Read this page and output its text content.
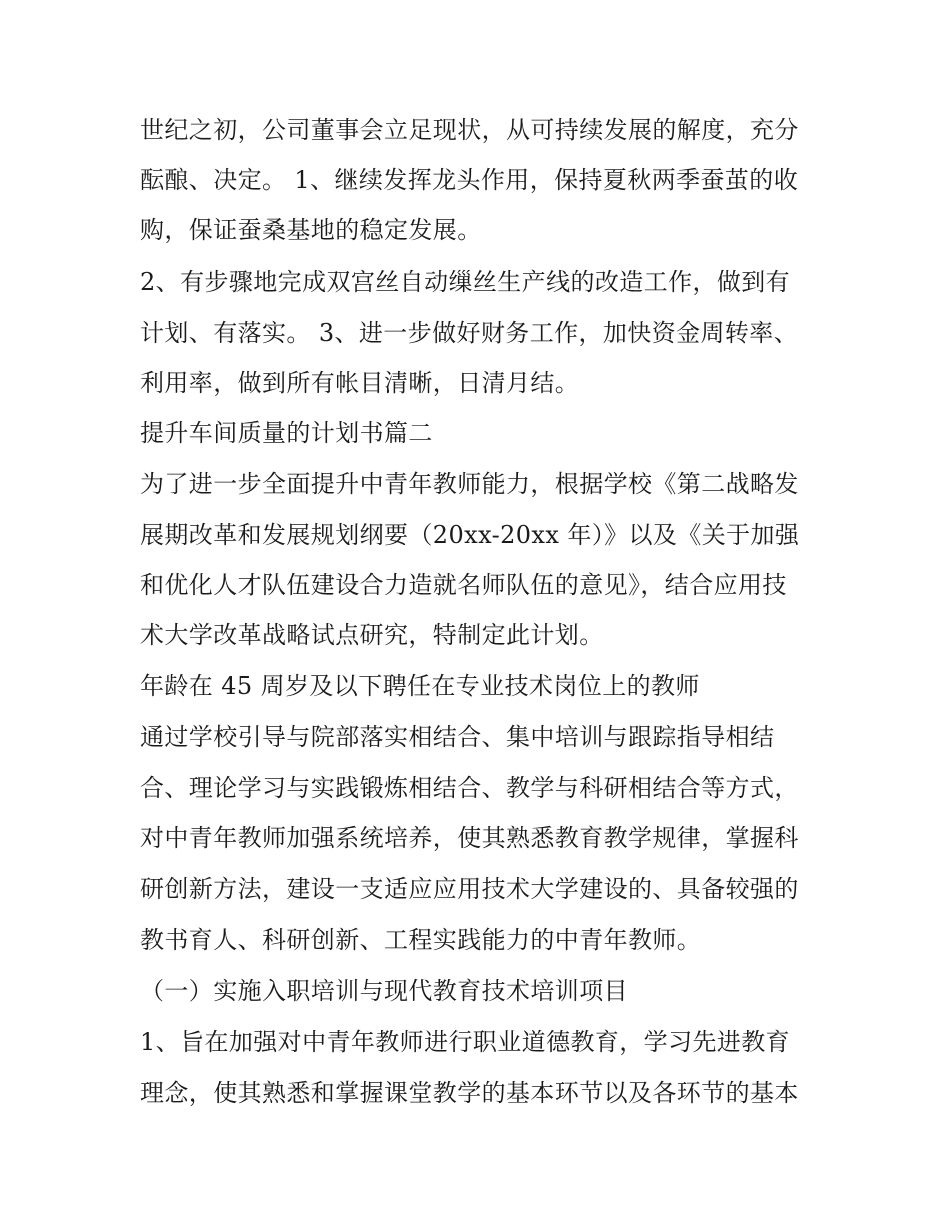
世纪之初，公司董事会立足现状，从可持续发展的解度，充分
酝酿、决定。 1、继续发挥龙头作用，保持夏秋两季蚕茧的收
购，保证蚕桑基地的稳定发展。
2、有步骤地完成双宫丝自动缫丝生产线的改造工作，做到有
计划、有落实。 3、进一步做好财务工作，加快资金周转率、
利用率，做到所有帐目清晰，日清月结。
提升车间质量的计划书篇二
为了进一步全面提升中青年教师能力，根据学校《第二战略发
展期改革和发展规划纲要（20xx-20xx 年）》以及《关于加强
和优化人才队伍建设合力造就名师队伍的意见》，结合应用技
术大学改革战略试点研究，特制定此计划。
年龄在 45 周岁及以下聘任在专业技术岗位上的教师
通过学校引导与院部落实相结合、集中培训与跟踪指导相结
合、理论学习与实践锻炼相结合、教学与科研相结合等方式，
对中青年教师加强系统培养，使其熟悉教育教学规律，掌握科
研创新方法，建设一支适应应用技术大学建设的、具备较强的
教书育人、科研创新、工程实践能力的中青年教师。
（一）实施入职培训与现代教育技术培训项目
1、旨在加强对中青年教师进行职业道德教育，学习先进教育
理念，使其熟悉和掌握课堂教学的基本环节以及各环节的基本
